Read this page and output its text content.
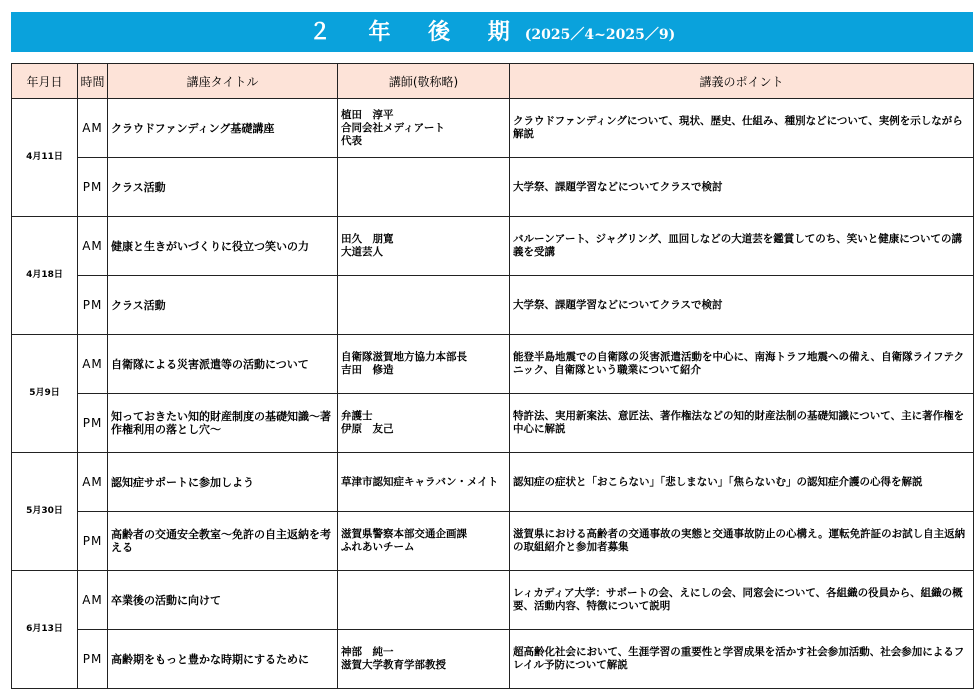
２ 年 後 期(2025／4~2025／9)
年月日	時間	講座タイトル	講師(敬称略)	講義のポイント
4月11日	AM	クラウドファンディング基礎講座	植田　淳平
合同会社メディアート
代表	クラウドファンディングについて、現状、歴史、仕組み、種別などについて、実例を示しながら解説
	PM	クラス活動		大学祭、課題学習などについてクラスで検討
4月18日	AM	健康と生きがいづくりに役立つ笑いの力	田久　朋寛
大道芸人	バルーンアート、ジャグリング、皿回しなどの大道芸を鑑賞してのち、笑いと健康についての講義を受講
	PM	クラス活動		大学祭、課題学習などについてクラスで検討
5月9日	AM	自衛隊による災害派遣等の活動について	自衛隊滋賀地方協力本部長
吉田　修造	能登半島地震での自衛隊の災害派遣活動を中心に、南海トラフ地震への備え、自衛隊ライフテクニック、自衛隊という職業について紹介
	PM	知っておきたい知的財産制度の基礎知識～著作権利用の落とし穴～	弁護士
伊原　友己	特許法、実用新案法、意匠法、著作権法などの知的財産法制の基礎知識について、主に著作権を中心に解説
5月30日	AM	認知症サポートに参加しよう	草津市認知症キャラバン・メイト	認知症の症状と「おこらない」「悲しまない」「焦らないむ」の認知症介護の心得を解説
	PM	高齢者の交通安全教室～免許の自主返納を考える	滋賀県警察本部交通企画課
ふれあいチーム	滋賀県における高齢者の交通事故の実態と交通事故防止の心構え。運転免許証のお試し自主返納の取組紹介と参加者募集
6月13日	AM	卒業後の活動に向けて		レィカディア大学：サポートの会、えにしの会、同窓会について、各組織の役員から、組織の概要、活動内容、特徴について説明
	PM	高齢期をもっと豊かな時期にするために	神部　純一
滋賀大学教育学部教授	超高齢化社会において、生涯学習の重要性と学習成果を活かす社会参加活動、社会参加によるフレイル予防について解説
